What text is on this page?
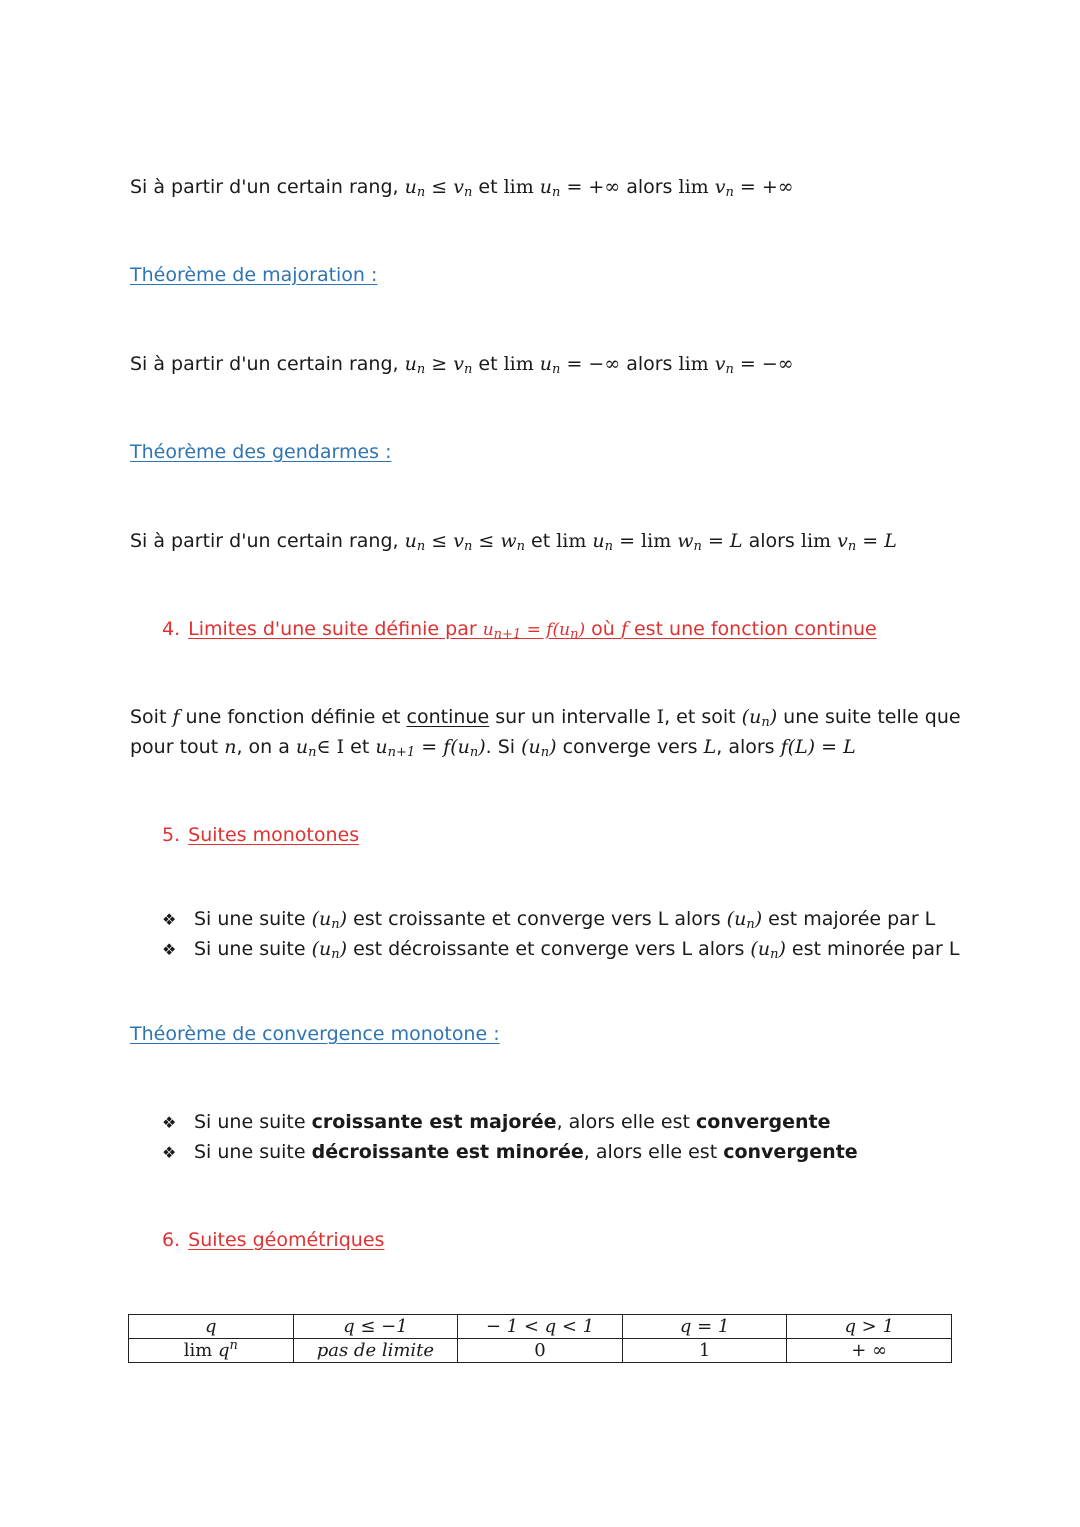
Si à partir d'un certain rang, $u_n \le v_n$ et $\lim u_n$ = +∞ alors $\lim v_n$ = +∞
Théorème de majoration :
Si à partir d'un certain rang, $u_n \ge v_n$ et $\lim u_n$ = −∞ alors $\lim v_n$ = −∞
Théorème des gendarmes :
Si à partir d'un certain rang, $u_n \le v_n \le w_n$ et $\lim u_n = \lim w_n = L$ alors $\lim v_n = L$
4. Limites d'une suite définie par $u_{n+1} = f(u_n)$ où f est une fonction continue
Soit f une fonction définie et continue sur un intervalle I, et soit $(u_n)$ une suite telle que
pour tout n, on a $u_n\in$ I et $u_{n+1} = f(u_n)$. Si $(u_n)$ converge vers L, alors f(L) = L
5. Suites monotones
❖ Si une suite $(u_n)$ est croissante et converge vers L alors $(u_n)$ est majorée par L
❖ Si une suite $(u_n)$ est décroissante et converge vers L alors $(u_n)$ est minorée par L
Théorème de convergence monotone :
❖ Si une suite croissante est majorée, alors elle est convergente
❖ Si une suite décroissante est minorée, alors elle est convergente
6. Suites géométriques
q	q ≤ −1	− 1 < q < 1	q = 1	q > 1
$\lim q^n$	pas de limite	0	1	+ ∞
